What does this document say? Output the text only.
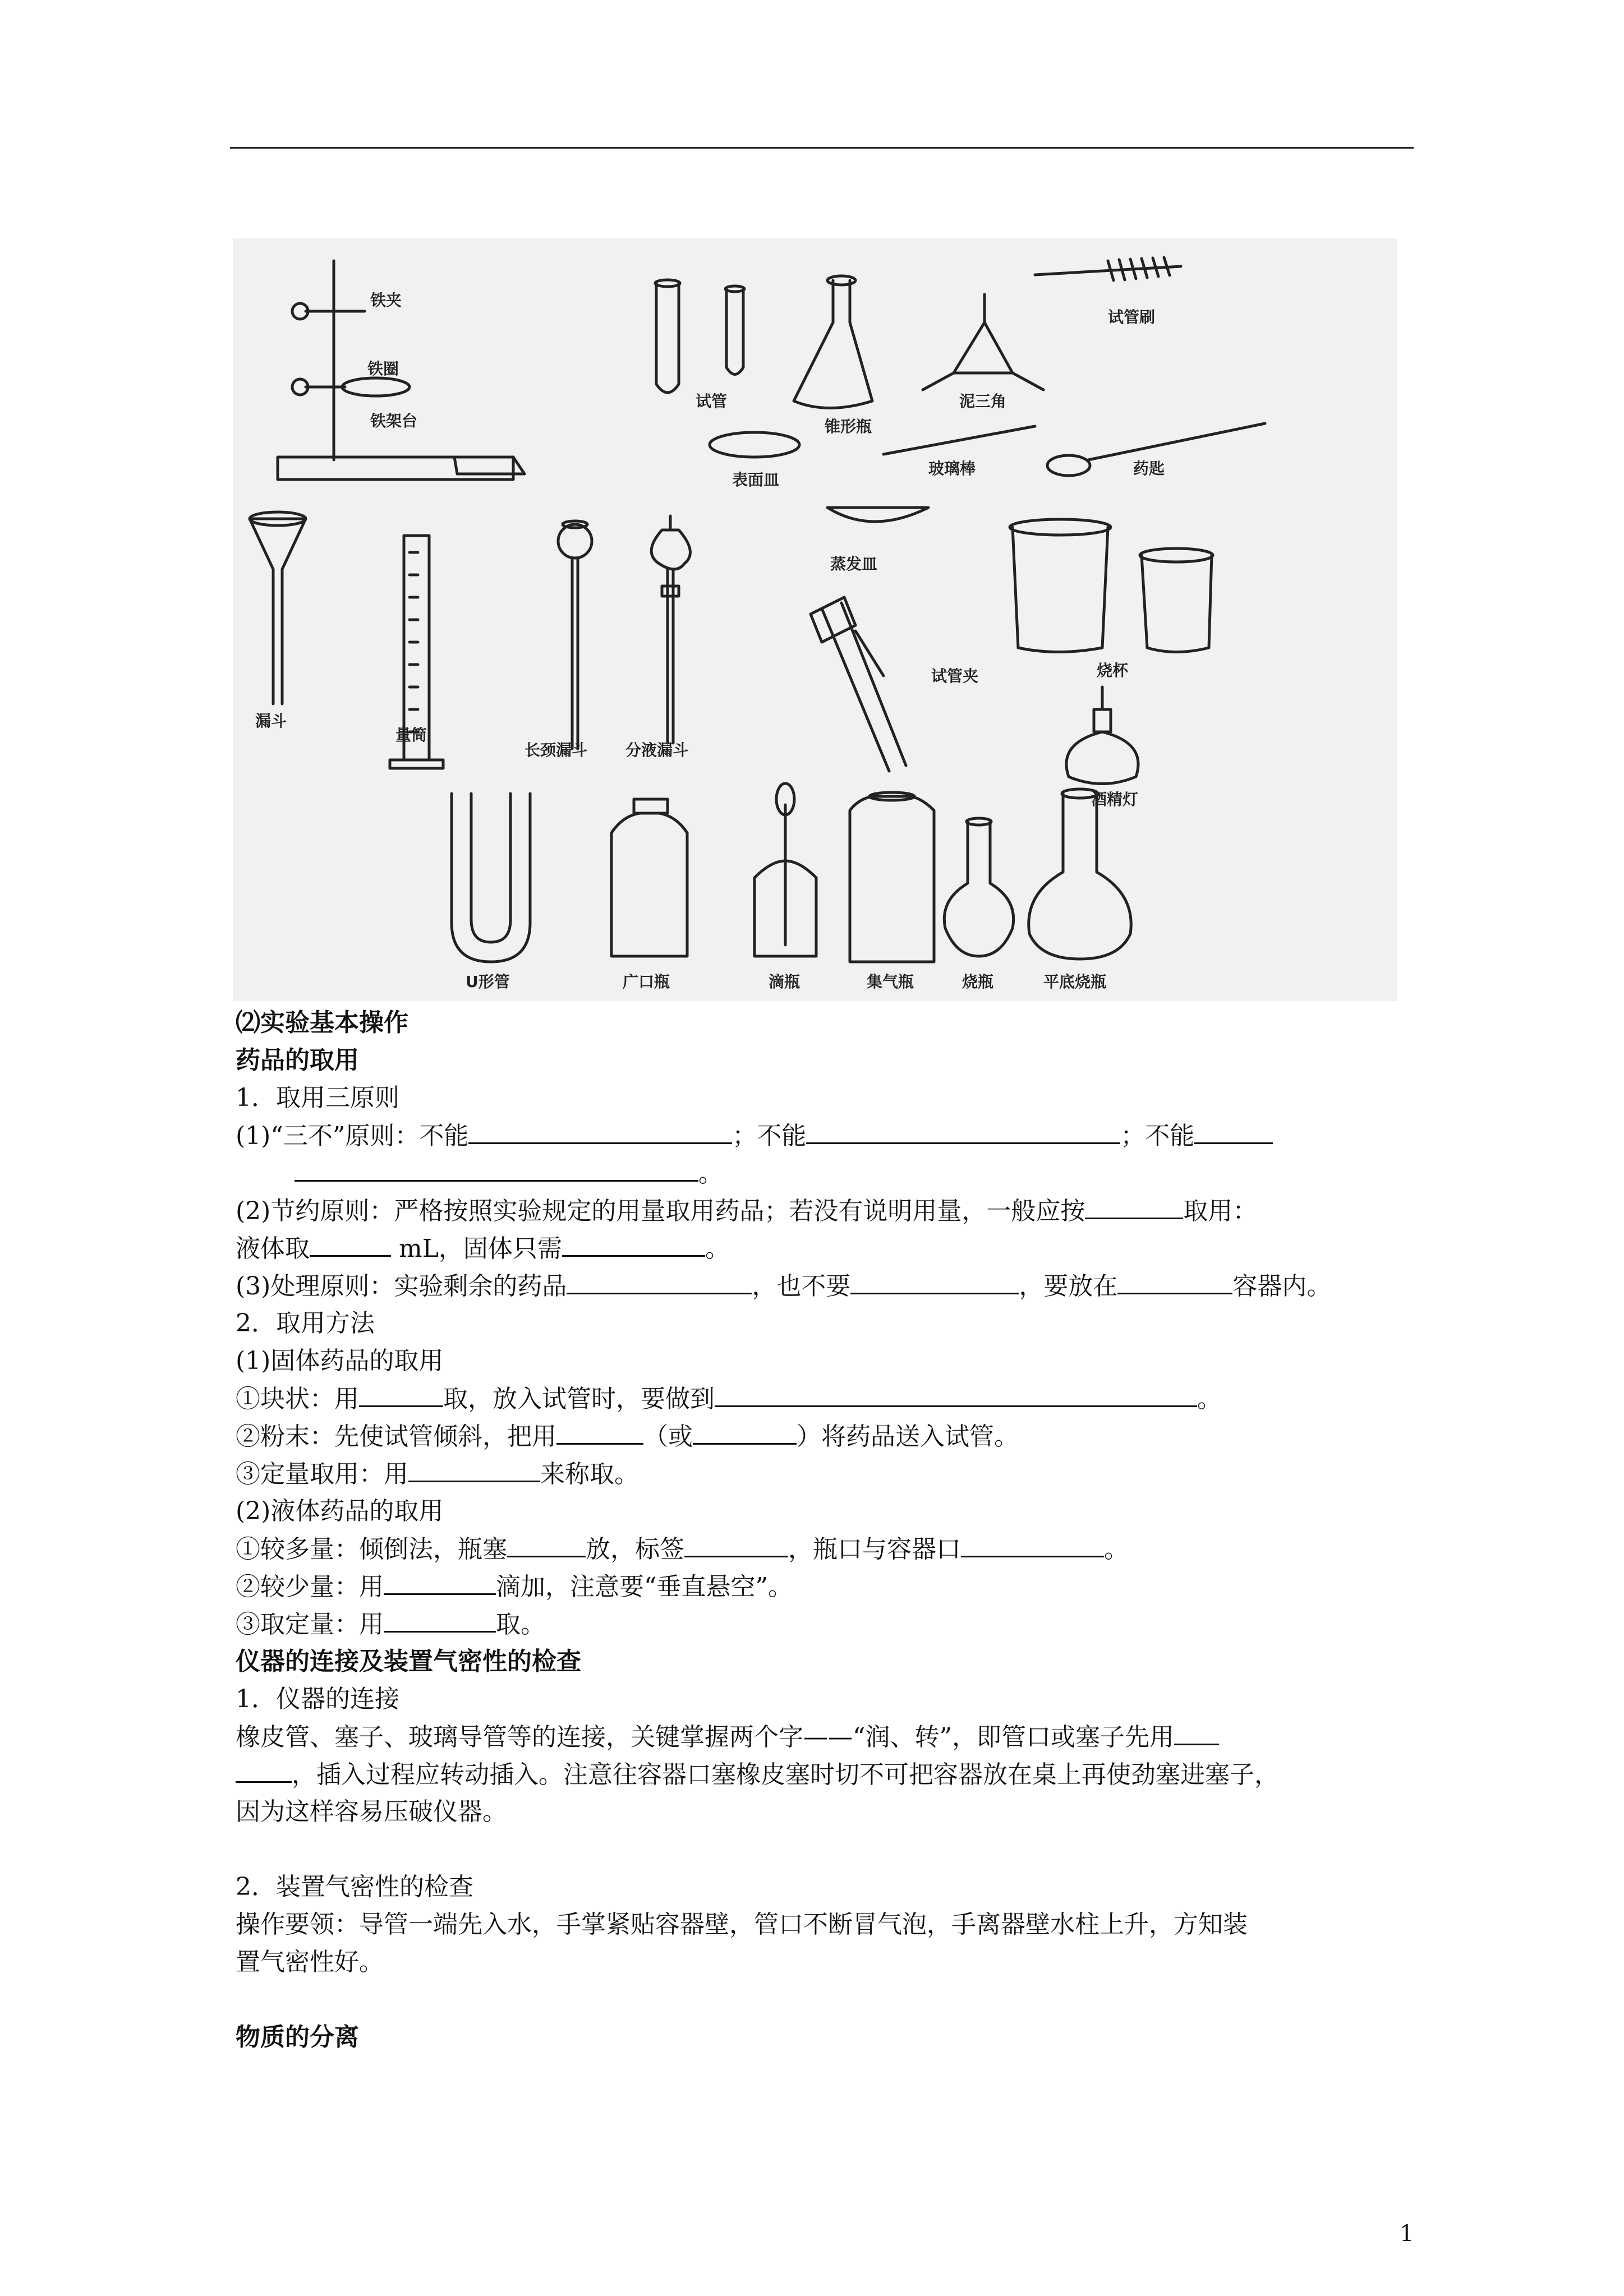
铁夹
铁圈
铁架台
试管
锥形瓶
泥三角
试管刷
表面皿
玻璃棒	药匙
漏斗
量筒
长颈漏斗 分液漏斗
蒸发皿
试管夹	烧杯
酒精灯
U形管	广口瓶	滴瓶	集气瓶	烧瓶	平底烧瓶
⑵实验基本操作
药品的取用
1．取用三原则
(1)“三不”原则：不能	；不能	；不能
。
(2)节约原则：严格按照实验规定的用量取用药品；若没有说明用量，一般应按	取用：
液体取	mL，固体只需	。
(3)处理原则：实验剩余的药品	，也不要	，要放在	容器内。
2．取用方法
(1)固体药品的取用
①块状：用	取，放入试管时，要做到	。
②粉末：先使试管倾斜，把用	（或	）将药品送入试管。
③定量取用：用	来称取。
(2)液体药品的取用
①较多量：倾倒法，瓶塞	放，标签	，瓶口与容器口	。
②较少量：用	滴加，注意要“垂直悬空”。
③取定量：用	取。
仪器的连接及装置气密性的检查
1．仪器的连接
橡皮管、塞子、玻璃导管等的连接，关键掌握两个字——“润、转”，即管口或塞子先用
，插入过程应转动插入。注意往容器口塞橡皮塞时切不可把容器放在桌上再使劲塞进塞子，
因为这样容易压破仪器。
2．装置气密性的检查
操作要领：导管一端先入水，手掌紧贴容器壁，管口不断冒气泡，手离器壁水柱上升，方知装
置气密性好。
物质的分离
1
